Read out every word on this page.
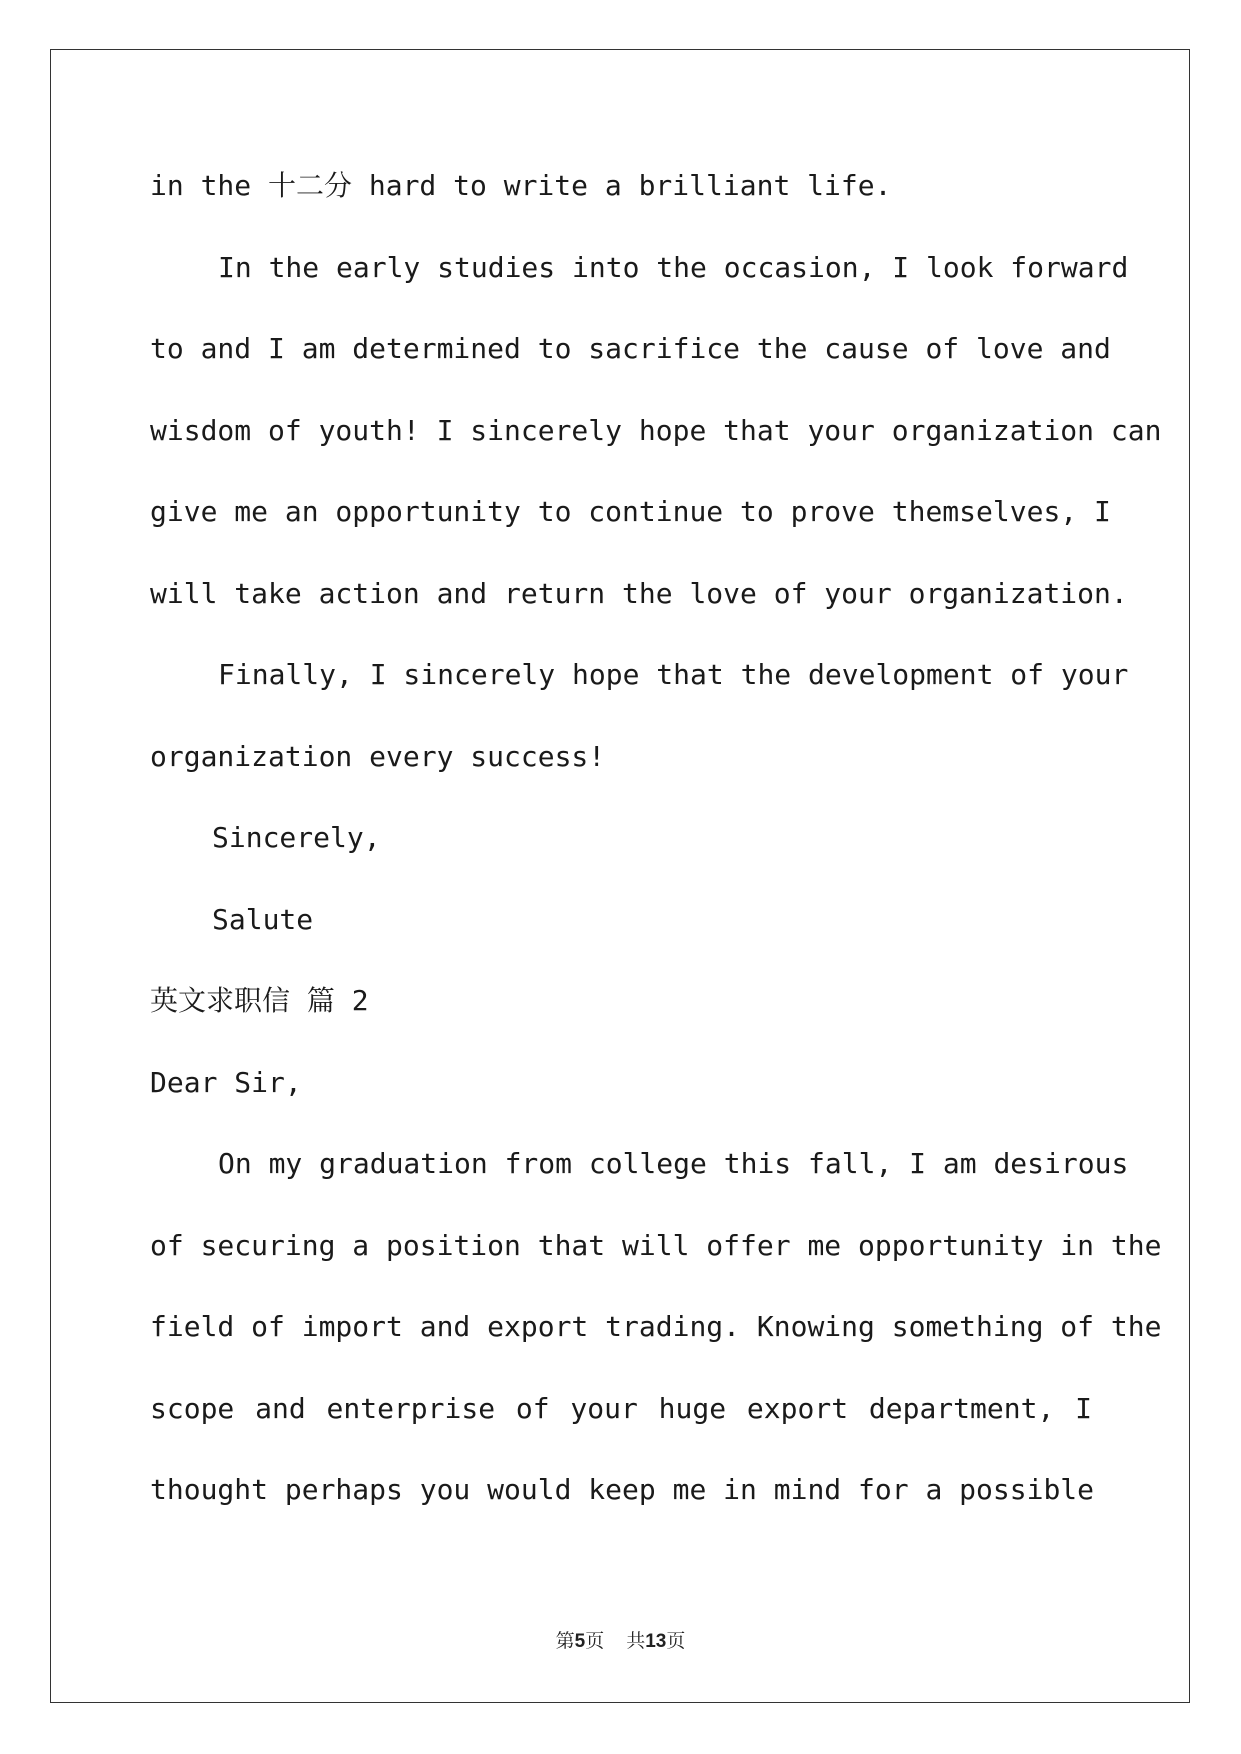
in the 十二分 hard to write a brilliant life.
In the early studies into the occasion, I look forward
to and I am determined to sacrifice the cause of love and
wisdom of youth! I sincerely hope that your organization can
give me an opportunity to continue to prove themselves, I
will take action and return the love of your organization.
Finally, I sincerely hope that the development of your
organization every success!
Sincerely,
Salute
英文求职信 篇 2
Dear Sir,
On my graduation from college this fall, I am desirous
of securing a position that will offer me opportunity in the
field of import and export trading. Knowing something of the
scope and enterprise of your huge export department, I
thought perhaps you would keep me in mind for a possible
第5页 共13页
